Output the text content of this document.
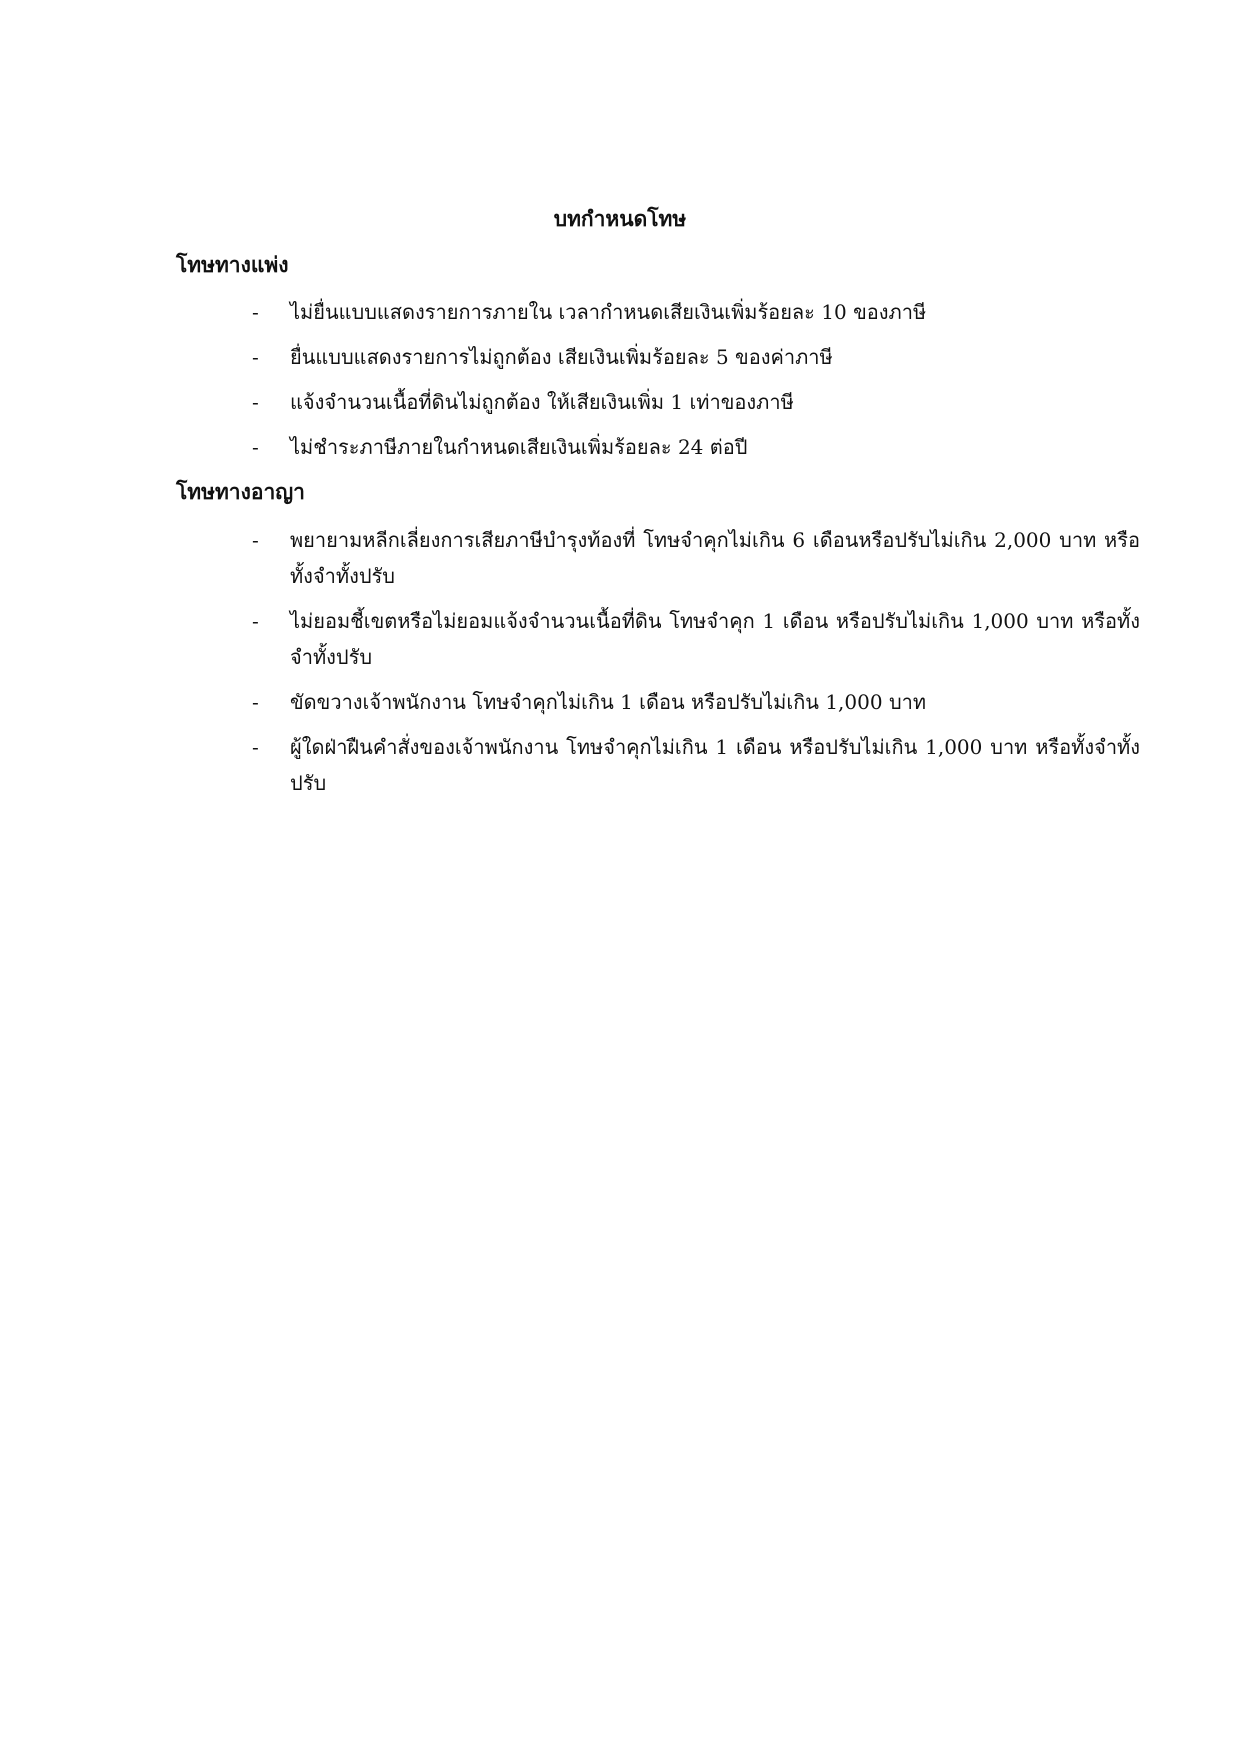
บทกำหนดโทษ
โทษทางแพ่ง
-	ไม่ยื่นแบบแสดงรายการภายใน เวลากำหนดเสียเงินเพิ่มร้อยละ 10 ของภาษี
-	ยื่นแบบแสดงรายการไม่ถูกต้อง เสียเงินเพิ่มร้อยละ 5 ของค่าภาษี
-	แจ้งจำนวนเนื้อที่ดินไม่ถูกต้อง ให้เสียเงินเพิ่ม 1 เท่าของภาษี
-	ไม่ชำระภาษีภายในกำหนดเสียเงินเพิ่มร้อยละ 24 ต่อปี
โทษทางอาญา
-	พยายามหลีกเลี่ยงการเสียภาษีบำรุงท้องที่ โทษจำคุกไม่เกิน 6 เดือนหรือปรับไม่เกิน 2,000 บาท หรือทั้งจำทั้งปรับ
-	ไม่ยอมชี้เขตหรือไม่ยอมแจ้งจำนวนเนื้อที่ดิน โทษจำคุก 1 เดือน หรือปรับไม่เกิน 1,000 บาท หรือทั้งจำทั้งปรับ
-	ขัดขวางเจ้าพนักงาน โทษจำคุกไม่เกิน 1 เดือน หรือปรับไม่เกิน 1,000 บาท
-	ผู้ใดฝ่าฝืนคำสั่งของเจ้าพนักงาน โทษจำคุกไม่เกิน 1 เดือน หรือปรับไม่เกิน 1,000 บาท หรือทั้งจำทั้งปรับ
